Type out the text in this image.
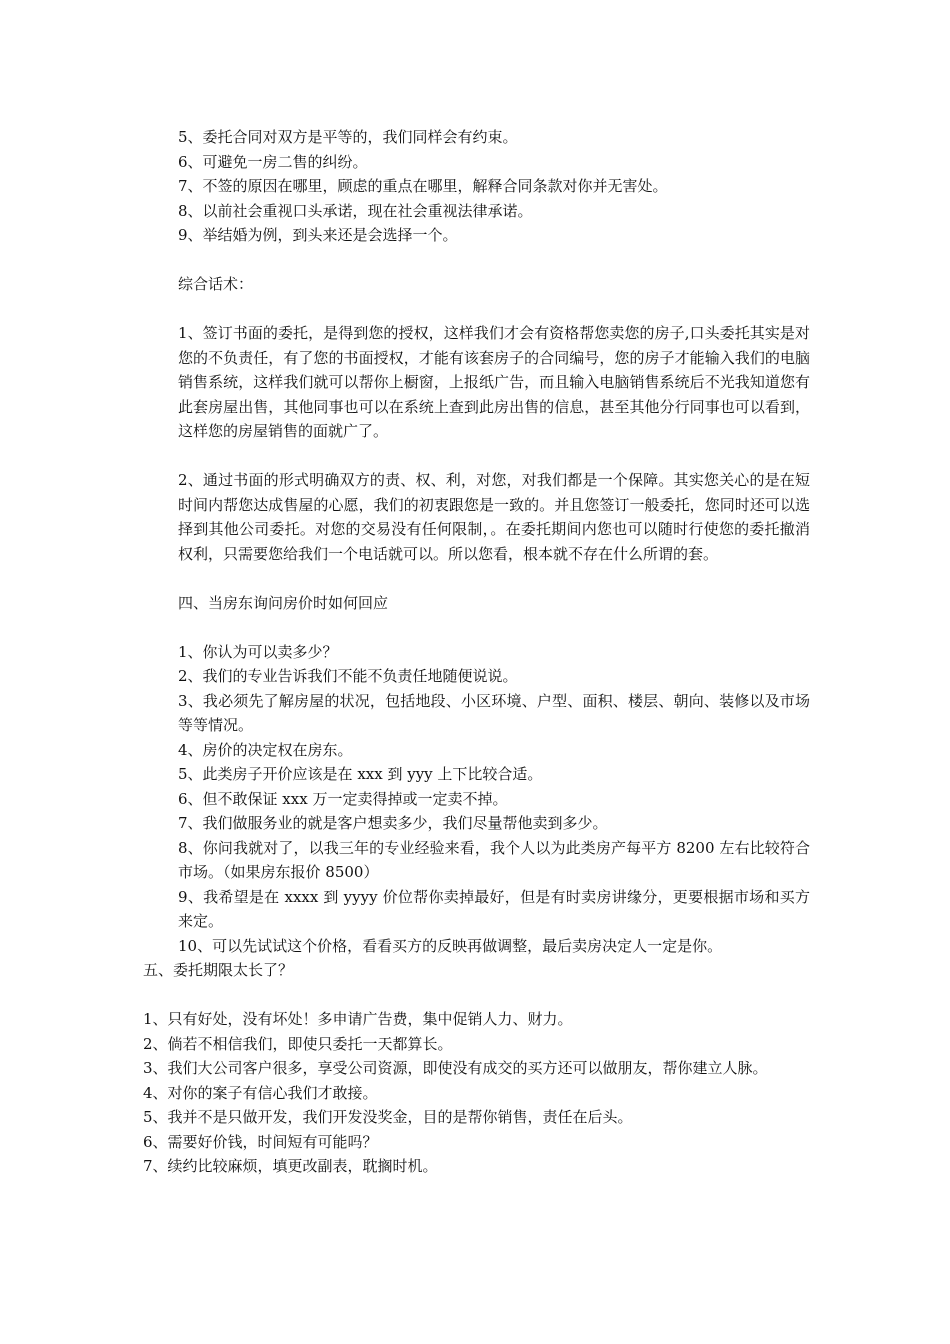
5、委托合同对双方是平等的，我们同样会有约束。

6、可避免一房二售的纠纷。

7、不签的原因在哪里，顾虑的重点在哪里，解释合同条款对你并无害处。

8、以前社会重视口头承诺，现在社会重视法律承诺。

9、举结婚为例，到头来还是会选择一个。

综合话术：

1、签订书面的委托，是得到您的授权，这样我们才会有资格帮您卖您的房子,口头委托其实是对您的不负责任，有了您的书面授权，才能有该套房子的合同编号，您的房子才能输入我们的电脑销售系统，这样我们就可以帮你上橱窗，上报纸广告，而且输入电脑销售系统后不光我知道您有此套房屋出售，其他同事也可以在系统上查到此房出售的信息，甚至其他分行同事也可以看到，这样您的房屋销售的面就广了。

2、通过书面的形式明确双方的责、权、利，对您，对我们都是一个保障。其实您关心的是在短时间内帮您达成售屋的心愿，我们的初衷跟您是一致的。并且您签订一般委托，您同时还可以选择到其他公司委托。对您的交易没有任何限制，。在委托期间内您也可以随时行使您的委托撤消权利，只需要您给我们一个电话就可以。所以您看，根本就不存在什么所谓的套。

四、当房东询问房价时如何回应

1、你认为可以卖多少？

2、我们的专业告诉我们不能不负责任地随便说说。

3、我必须先了解房屋的状况，包括地段、小区环境、户型、面积、楼层、朝向、装修以及市场等等情况。

4、房价的决定权在房东。

5、此类房子开价应该是在 xxx 到 yyy 上下比较合适。

6、但不敢保证 xxx 万一定卖得掉或一定卖不掉。

7、我们做服务业的就是客户想卖多少，我们尽量帮他卖到多少。

8、你问我就对了，以我三年的专业经验来看，我个人以为此类房产每平方 8200 左右比较符合市场。（如果房东报价 8500）

9、我希望是在 xxxx 到 yyyy 价位帮你卖掉最好，但是有时卖房讲缘分，更要根据市场和买方来定。

10、可以先试试这个价格，看看买方的反映再做调整，最后卖房决定人一定是你。

五、委托期限太长了？

1、只有好处，没有坏处！多申请广告费，集中促销人力、财力。

2、倘若不相信我们，即使只委托一天都算长。

3、我们大公司客户很多，享受公司资源，即使没有成交的买方还可以做朋友，帮你建立人脉。

4、对你的案子有信心我们才敢接。

5、我并不是只做开发，我们开发没奖金，目的是帮你销售，责任在后头。

6、需要好价钱，时间短有可能吗？

7、续约比较麻烦，填更改副表，耽搁时机。
